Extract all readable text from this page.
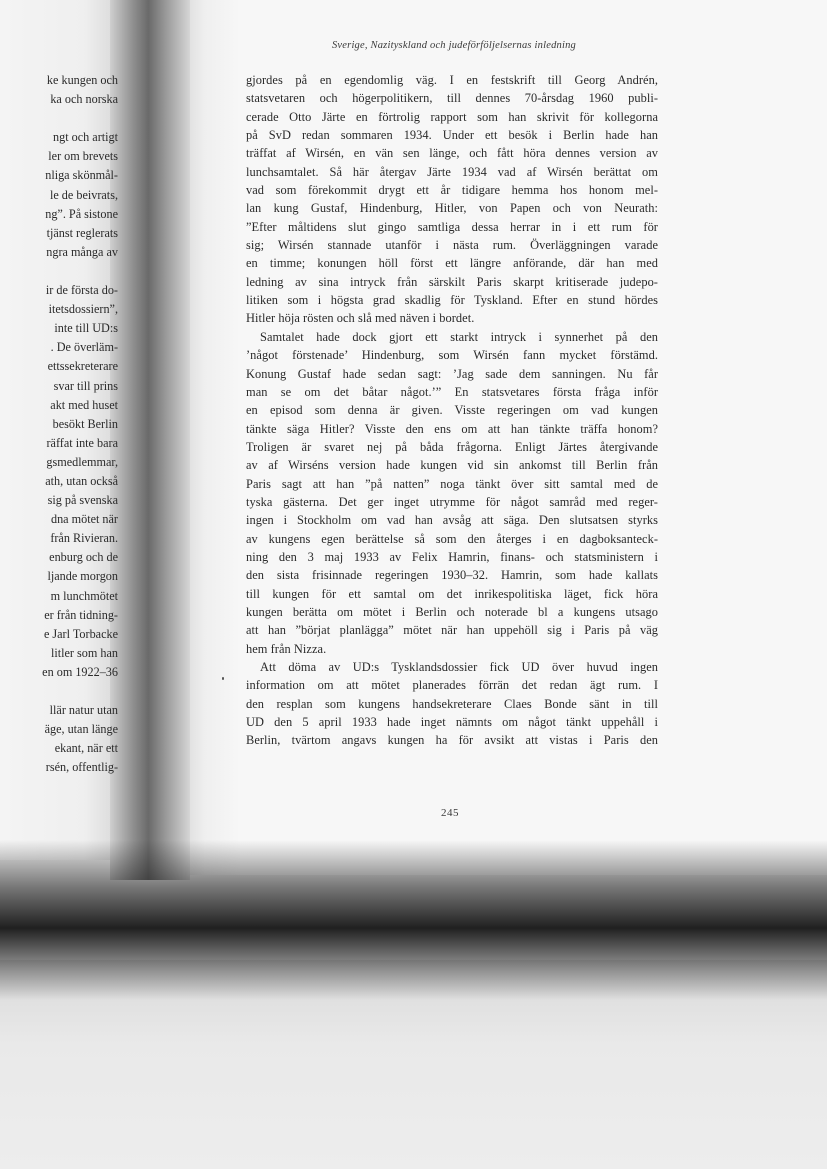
ke kungen och
ka och norska
ngt och artigt
ler om brevets
nliga skönmål-
le de beivrats,
ng”. På sistone
tjänst reglerats
ngra många av
ir de första do-
itetsdossiern”,
inte till UD:s
. De överläm-
ettssekreterare
svar till prins
akt med huset
besökt Berlin
räffat inte bara
gsmedlemmar,
ath, utan också
sig på svenska
dna mötet när
från Rivieran.
enburg och de
ljande morgon
m lunchmötet
er från tidning-
e Jarl Torbacke
litler som han
en om 1922–36
llär natur utan
äge, utan länge
ekant, när ett
rsén, offentlig-
Sverige, Nazityskland och judeförföljelsernas inledning
gjordes på en egendomlig väg. I en festskrift till Georg Andrén,
statsvetaren och högerpolitikern, till dennes 70-årsdag 1960 publi-
cerade Otto Järte en förtrolig rapport som han skrivit för kollegorna
på SvD redan sommaren 1934. Under ett besök i Berlin hade han
träffat af Wirsén, en vän sen länge, och fått höra dennes version av
lunchsamtalet. Så här återgav Järte 1934 vad af Wirsén berättat om
vad som förekommit drygt ett år tidigare hemma hos honom mel-
lan kung Gustaf, Hindenburg, Hitler, von Papen och von Neurath:
”Efter måltidens slut gingo samtliga dessa herrar in i ett rum för
sig; Wirsén stannade utanför i nästa rum. Överläggningen varade
en timme; konungen höll först ett längre anförande, där han med
ledning av sina intryck från särskilt Paris skarpt kritiserade judepo-
litiken som i högsta grad skadlig för Tyskland. Efter en stund hördes
Hitler höja rösten och slå med näven i bordet.
Samtalet hade dock gjort ett starkt intryck i synnerhet på den
’något förstenade’ Hindenburg, som Wirsén fann mycket förstämd.
Konung Gustaf hade sedan sagt: ’Jag sade dem sanningen. Nu får
man se om det båtar något.’” En statsvetares första fråga inför
en episod som denna är given. Visste regeringen om vad kungen
tänkte säga Hitler? Visste den ens om att han tänkte träffa honom?
Troligen är svaret nej på båda frågorna. Enligt Järtes återgivande
av af Wirséns version hade kungen vid sin ankomst till Berlin från
Paris sagt att han ”på natten” noga tänkt över sitt samtal med de
tyska gästerna. Det ger inget utrymme för något samråd med reger-
ingen i Stockholm om vad han avsåg att säga. Den slutsatsen styrks
av kungens egen berättelse så som den återges i en dagboksanteck-
ning den 3 maj 1933 av Felix Hamrin, finans- och statsministern i
den sista frisinnade regeringen 1930–32. Hamrin, som hade kallats
till kungen för ett samtal om det inrikespolitiska läget, fick höra
kungen berätta om mötet i Berlin och noterade bl a kungens utsago
att han ”börjat planlägga” mötet när han uppehöll sig i Paris på väg
hem från Nizza.
Att döma av UD:s Tysklandsdossier fick UD över huvud ingen
information om att mötet planerades förrän det redan ägt rum. I
den resplan som kungens handsekreterare Claes Bonde sänt in till
UD den 5 april 1933 hade inget nämnts om något tänkt uppehåll i
Berlin, tvärtom angavs kungen ha för avsikt att vistas i Paris den
245
